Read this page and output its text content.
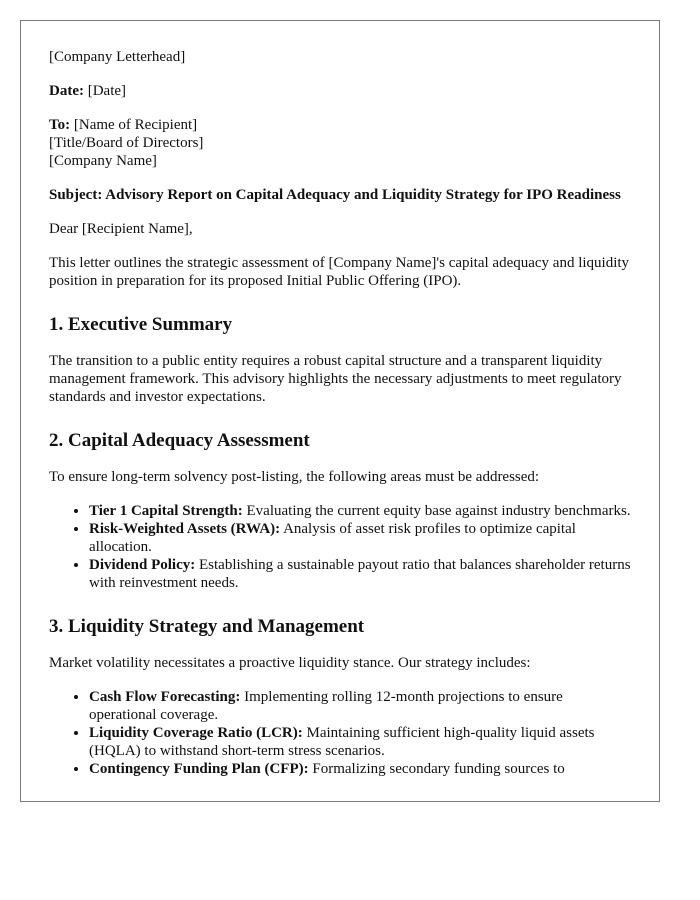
[Company Letterhead]

Date: [Date]

To: [Name of Recipient]
[Title/Board of Directors]
[Company Name]

Subject: Advisory Report on Capital Adequacy and Liquidity Strategy for IPO Readiness

Dear [Recipient Name],

This letter outlines the strategic assessment of [Company Name]'s capital adequacy and liquidity position in preparation for its proposed Initial Public Offering (IPO).

1. Executive Summary

The transition to a public entity requires a robust capital structure and a transparent liquidity management framework. This advisory highlights the necessary adjustments to meet regulatory standards and investor expectations.

2. Capital Adequacy Assessment

To ensure long-term solvency post-listing, the following areas must be addressed:

• Tier 1 Capital Strength: Evaluating the current equity base against industry benchmarks.
• Risk-Weighted Assets (RWA): Analysis of asset risk profiles to optimize capital allocation.
• Dividend Policy: Establishing a sustainable payout ratio that balances shareholder returns with reinvestment needs.
3. Liquidity Strategy and Management

Market volatility necessitates a proactive liquidity stance. Our strategy includes:

• Cash Flow Forecasting: Implementing rolling 12-month projections to ensure operational coverage.
• Liquidity Coverage Ratio (LCR): Maintaining sufficient high-quality liquid assets (HQLA) to withstand short-term stress scenarios.
• Contingency Funding Plan (CFP): Formalizing secondary funding sources to
